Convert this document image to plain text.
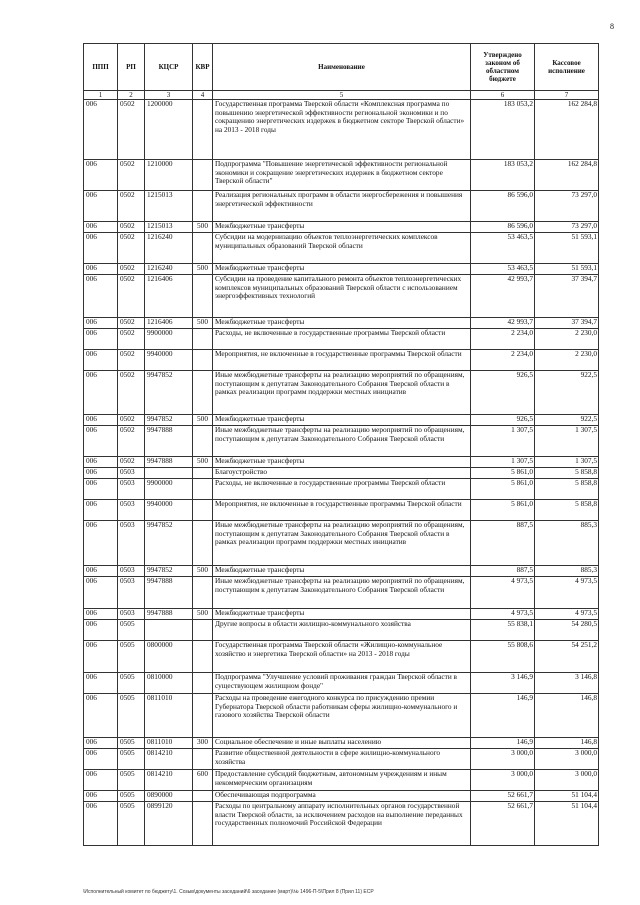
8
ППП	РП	КЦСР	КВР	Наименование	Утверждено законом об областном бюджете	Кассовое исполнение
1	2	3	4	5	6	7
006	0502	1200000		Государственная программа Тверской области «Комплексная программа по повышению энергетической эффективности региональной экономики и по сокращению энергетических издержек в бюджетном секторе Тверской области» на 2013 - 2018 годы	183 053,2	162 284,8
006	0502	1210000		Подпрограмма "Повышение энергетической эффективности региональной экономики и сокращение энергетических издержек в бюджетном секторе Тверской области"	183 053,2	162 284,8
006	0502	1215013		Реализация региональных программ в области энергосбережения и повышения энергетической эффективности	86 596,0	73 297,0
006	0502	1215013	500	Межбюджетные трансферты	86 596,0	73 297,0
006	0502	1216240		Субсидии на модернизацию объектов теплоэнергетических комплексов муниципальных образований Тверской области	53 463,5	51 593,1
006	0502	1216240	500	Межбюджетные трансферты	53 463,5	51 593,1
006	0502	1216406		Субсидии на проведение капитального ремонта объектов теплоэнергетических комплексов муниципальных образований Тверской области с использованием энергоэффективных технологий	42 993,7	37 394,7
006	0502	1216406	500	Межбюджетные трансферты	42 993,7	37 394,7
006	0502	9900000		Расходы, не включенные в государственные программы Тверской области	2 234,0	2 230,0
006	0502	9940000		Мероприятия, не включенные в государственные программы Тверской области	2 234,0	2 230,0
006	0502	9947852		Иные межбюджетные трансферты на реализацию мероприятий по обращениям, поступающим к депутатам Законодательного Собрания Тверской области в рамках реализации программ поддержки местных инициатив	926,5	922,5
006	0502	9947852	500	Межбюджетные трансферты	926,5	922,5
006	0502	9947888		Иные межбюджетные трансферты на реализацию мероприятий по обращениям, поступающим к депутатам Законодательного Собрания Тверской области	1 307,5	1 307,5
006	0502	9947888	500	Межбюджетные трансферты	1 307,5	1 307,5
006	0503			Благоустройство	5 861,0	5 858,8
006	0503	9900000		Расходы, не включенные в государственные программы Тверской области	5 861,0	5 858,8
006	0503	9940000		Мероприятия, не включенные в государственные программы Тверской области	5 861,0	5 858,8
006	0503	9947852		Иные межбюджетные трансферты на реализацию мероприятий по обращениям, поступающим к депутатам Законодательного Собрания Тверской области в рамках реализации программ поддержки местных инициатив	887,5	885,3
006	0503	9947852	500	Межбюджетные трансферты	887,5	885,3
006	0503	9947888		Иные межбюджетные трансферты на реализацию мероприятий по обращениям, поступающим к депутатам Законодательного Собрания Тверской области	4 973,5	4 973,5
006	0503	9947888	500	Межбюджетные трансферты	4 973,5	4 973,5
006	0505			Другие вопросы в области жилищно-коммунального хозяйства	55 838,1	54 280,5
006	0505	0800000		Государственная программа Тверской области «Жилищно-коммунальное хозяйство и энергетика Тверской области» на 2013 - 2018 годы	55 808,6	54 251,2
006	0505	0810000		Подпрограмма "Улучшение условий проживания граждан Тверской области в существующем жилищном фонде"	3 146,9	3 146,8
006	0505	0811010		Расходы на проведение ежегодного конкурса по присуждению премии Губернатора Тверской области работникам сферы жилищно-коммунального и газового хозяйства Тверской области	146,9	146,8
006	0505	0811010	300	Социальное обеспечение и иные выплаты населению	146,9	146,8
006	0505	0814210		Развитие общественной деятельности в сфере жилищно-коммунального хозяйства	3 000,0	3 000,0
006	0505	0814210	600	Предоставление субсидий бюджетным, автономным учреждениям и иным некоммерческим организациям	3 000,0	3 000,0
006	0505	0890000		Обеспечивающая подпрограмма	52 661,7	51 104,4
006	0505	0899120		Расходы по центральному аппарату исполнительных органов государственной власти Тверской области, за исключением расходов на выполнение переданных государственных полномочий Российской Федерации	52 661,7	51 104,4
\Исполнительный комитет по бюджету\1. Созыв\документы заседаний\6 заседание (март)\№ 1496-П-5\Прил 8 (Прил 11) ЕСР
